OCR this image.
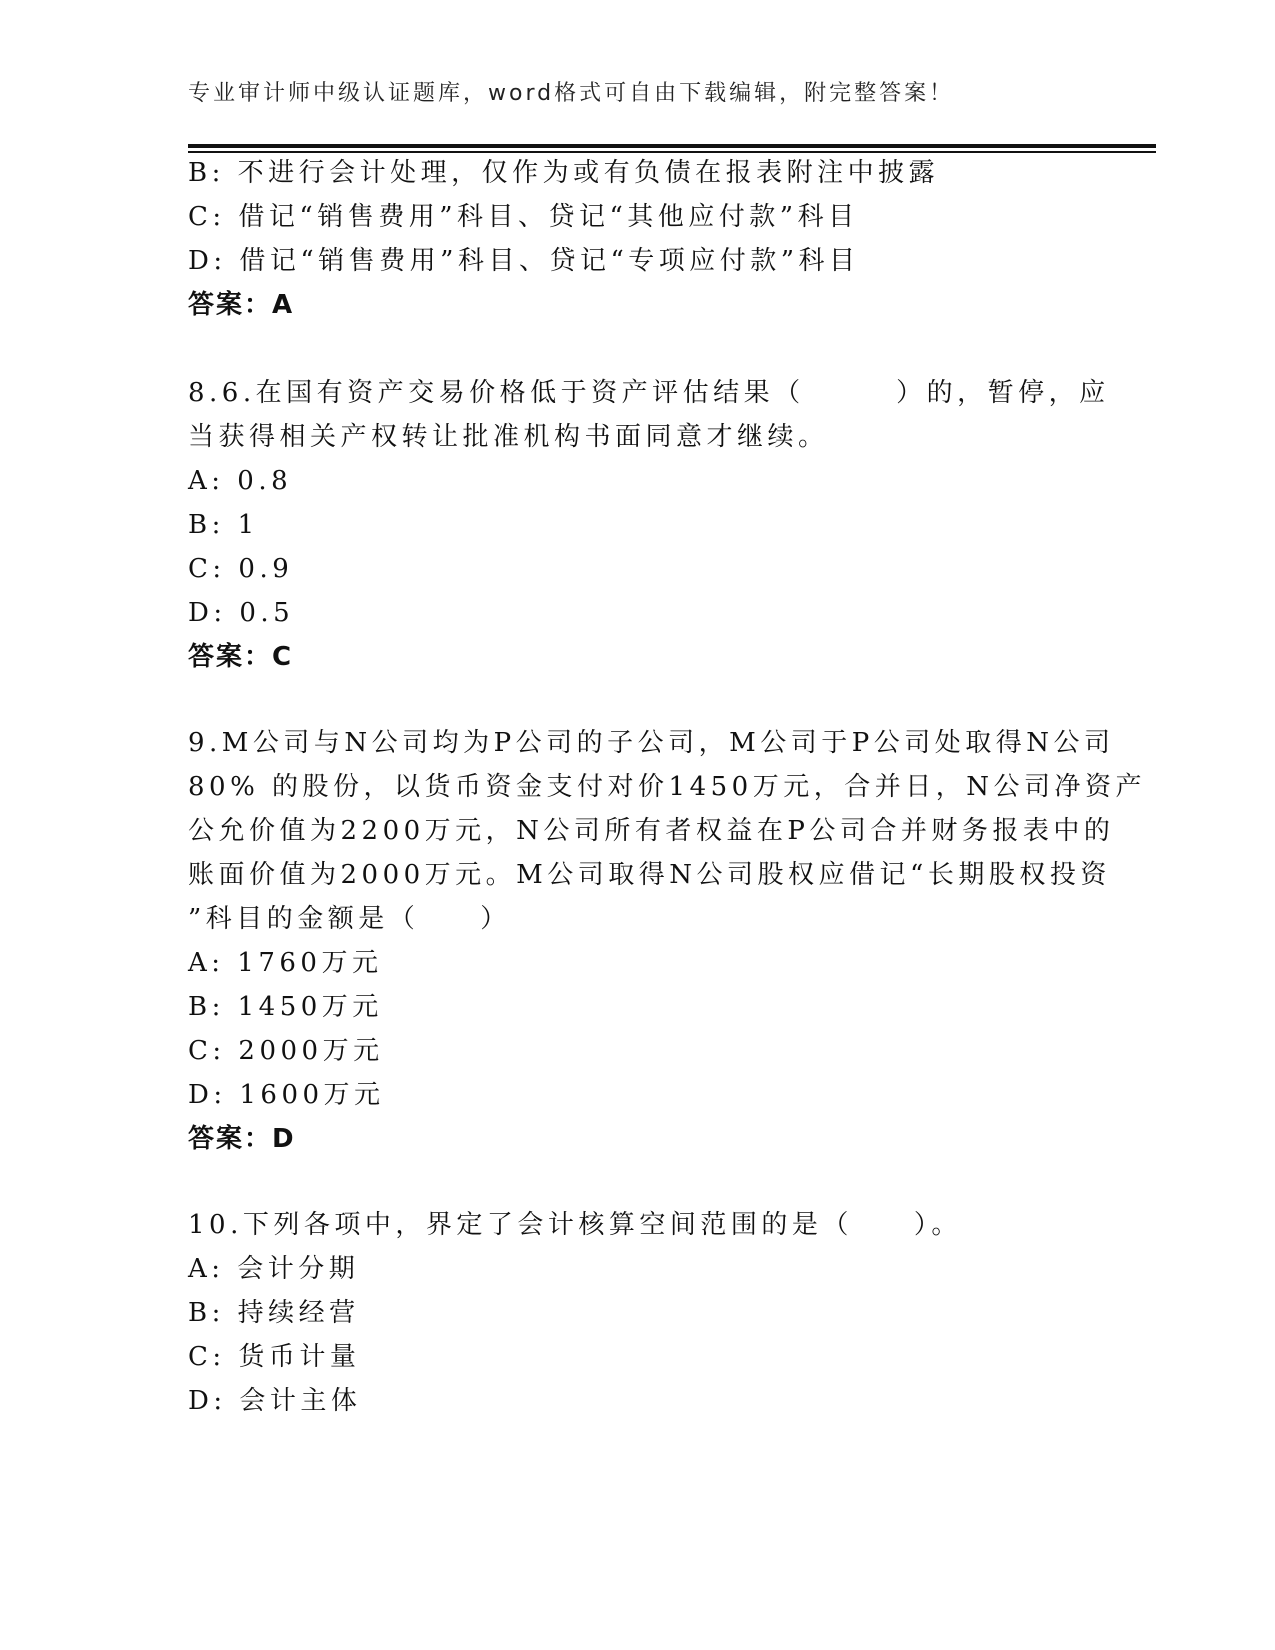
专业审计师中级认证题库，word格式可自由下载编辑，附完整答案！
B: 不进行会计处理，仅作为或有负债在报表附注中披露
C: 借记“销售费用”科目、贷记“其他应付款”科目
D: 借记“销售费用”科目、贷记“专项应付款”科目
答案：A
8.6.在国有资产交易价格低于资产评估结果（　　　）的，暂停，应
当获得相关产权转让批准机构书面同意才继续。
A: 0.8
B: 1
C: 0.9
D: 0.5
答案：C
9.M公司与N公司均为P公司的子公司，M公司于P公司处取得N公司
80% 的股份，以货币资金支付对价1450万元，合并日，N公司净资产
公允价值为2200万元，N公司所有者权益在P公司合并财务报表中的
账面价值为2000万元。M公司取得N公司股权应借记“长期股权投资
”科目的金额是（　　）
A: 1760万元
B: 1450万元
C: 2000万元
D: 1600万元
答案：D
10.下列各项中，界定了会计核算空间范围的是（　　）。
A: 会计分期
B: 持续经营
C: 货币计量
D: 会计主体
